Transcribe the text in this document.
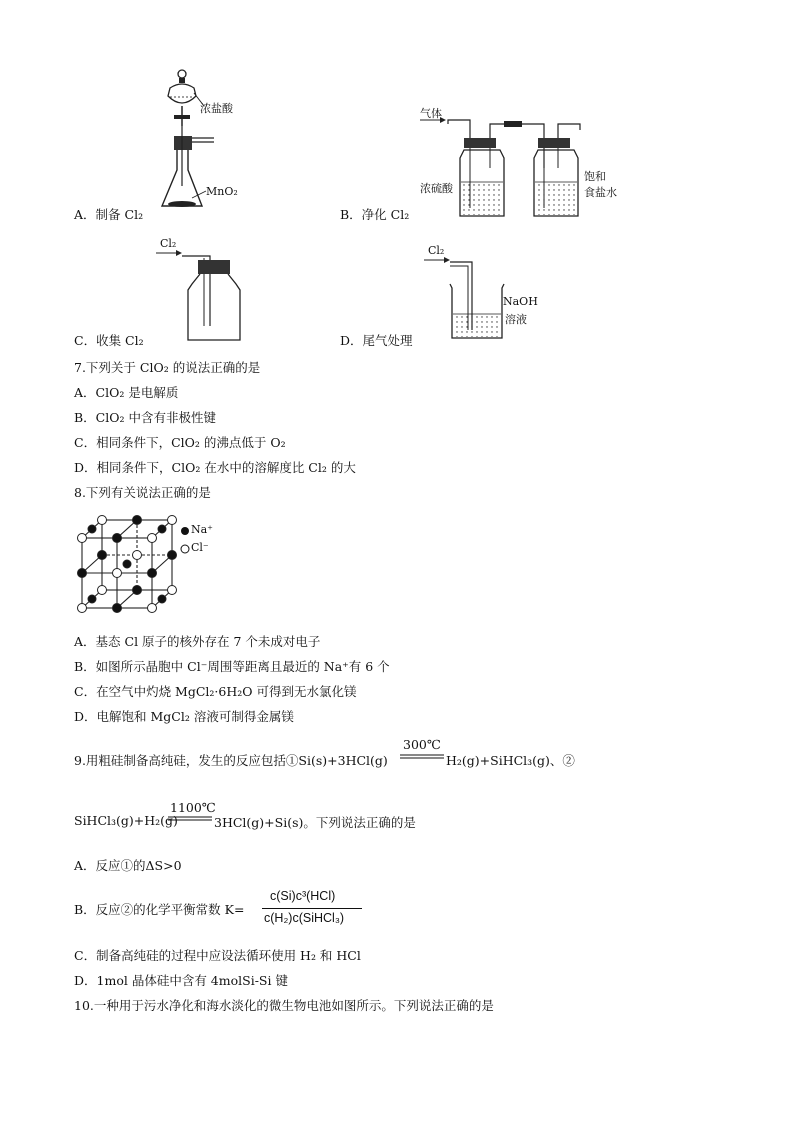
浓盐酸
MnO₂
气体
浓硫酸
饱和
食盐水
A．制备 Cl₂	B．净化 Cl₂
Cl₂
Cl₂
NaOH
溶液
C．收集 Cl₂	D．尾气处理
7.下列关于 ClO₂ 的说法正确的是
A．ClO₂ 是电解质
B．ClO₂ 中含有非极性键
C．相同条件下，ClO₂ 的沸点低于 O₂
D．相同条件下，ClO₂ 在水中的溶解度比 Cl₂ 的大
8.下列有关说法正确的是
Na⁺
Cl⁻
A．基态 Cl 原子的核外存在 7 个未成对电子
B．如图所示晶胞中 Cl⁻周围等距离且最近的 Na⁺有 6 个
C．在空气中灼烧 MgCl₂·6H₂O 可得到无水氯化镁
D．电解饱和 MgCl₂ 溶液可制得金属镁
9.用粗硅制备高纯硅，发生的反应包括①Si(s)+3HCl(g)
300℃
H₂(g)+SiHCl₃(g)、②
SiHCl₃(g)+H₂(g)
1100℃
3HCl(g)+Si(s)。下列说法正确的是
A．反应①的ΔS>0
B．反应②的化学平衡常数 K=
c(Si)c³(HCl)
c(H₂)c(SiHCl₃)
C．制备高纯硅的过程中应设法循环使用 H₂ 和 HCl
D．1mol 晶体硅中含有 4molSi-Si 键
10.一种用于污水净化和海水淡化的微生物电池如图所示。下列说法正确的是
